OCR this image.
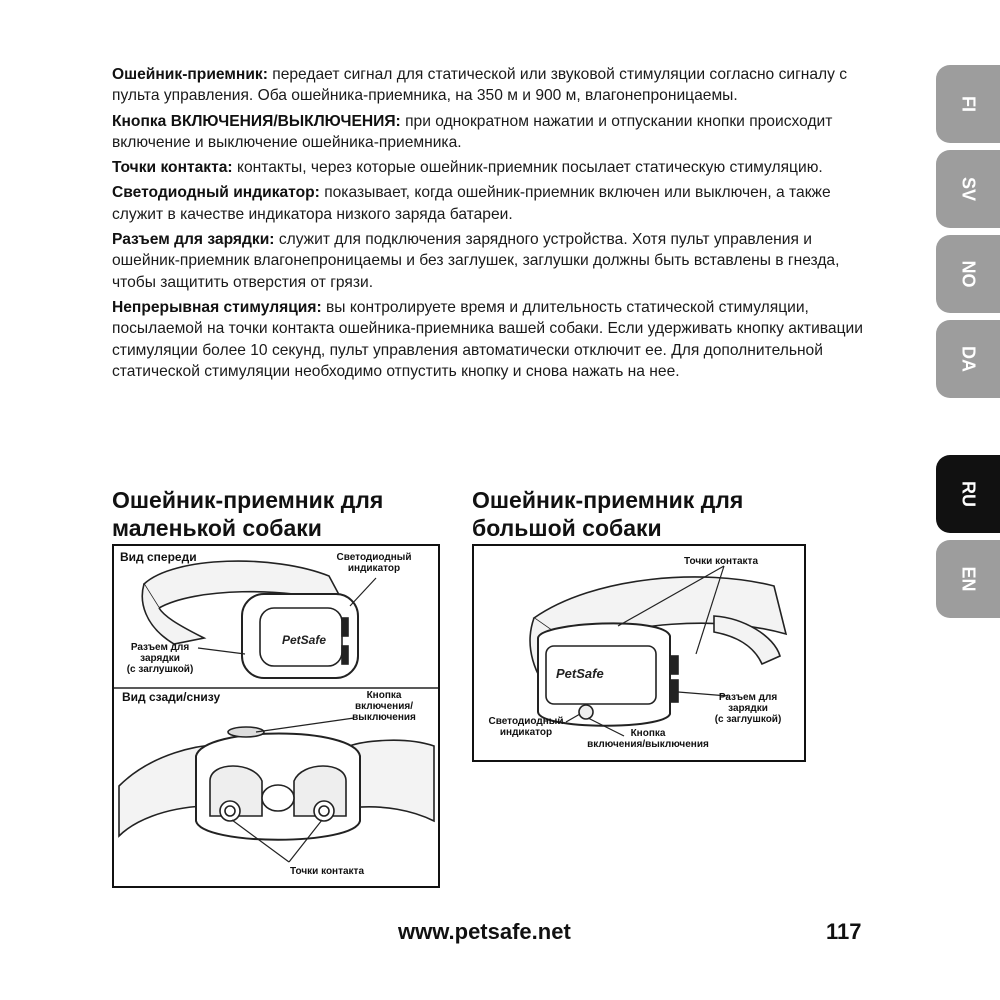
Ошейник-приемник: передает сигнал для статической или звуковой стимуляции согласно сигналу с пульта управления. Оба ошейника-приемника, на 350 м и 900 м, влагонепроницаемы.

Кнопка ВКЛЮЧЕНИЯ/ВЫКЛЮЧЕНИЯ: при однократном нажатии и отпускании кнопки происходит включение и выключение ошейника-приемника.

Точки контакта: контакты, через которые ошейник-приемник посылает статическую стимуляцию.

Светодиодный индикатор: показывает, когда ошейник-приемник включен или выключен, а также служит в качестве индикатора низкого заряда батареи.

Разъем для зарядки: служит для подключения зарядного устройства. Хотя пульт управления и ошейник-приемник влагонепроницаемы и без заглушек, заглушки должны быть вставлены в гнезда, чтобы защитить отверстия от грязи.

Непрерывная стимуляция: вы контролируете время и длительность статической стимуляции, посылаемой на точки контакта ошейника-приемника вашей собаки. Если удерживать кнопку активации стимуляции более 10 секунд, пульт управления автоматически отключит ее. Для дополнительной статической стимуляции необходимо отпустить кнопку и снова нажать на нее.

Ошейник-приемник для
маленькой собаки
Ошейник-приемник для
большой собаки
PetSafe
Вид спереди	Светодиодный
индикатор
Разъем для
зарядки
(с заглушкой)
Вид сзади/снизу	Кнопка
включения/
выключения
Точки контакта
PetSafe
Точки контакта
Разъем для
зарядки
(с заглушкой)
Светодиодный
индикатор	Кнопка
включения/выключения
FI
SV
NO
DA
RU
EN
www.petsafe.net	117
